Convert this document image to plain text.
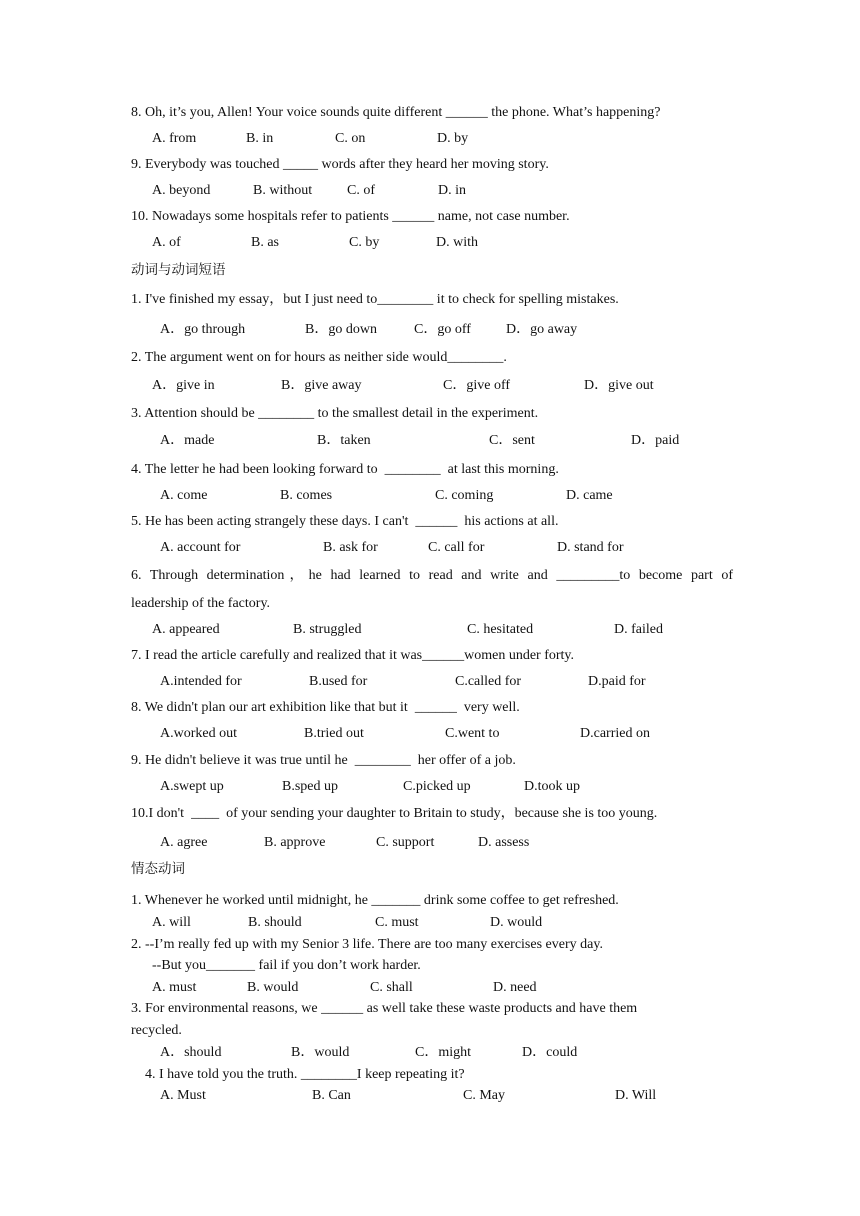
8. Oh, it’s you, Allen! Your voice sounds quite different ______ the phone. What’s happening?
A. from	B. in	C. on	D. by
9. Everybody was touched _____ words after they heard her moving story.
A. beyond	B. without C. of	D. in
10. Nowadays some hospitals refer to patients ______ name, not case number.
A. of	B. as	C. by	D. with
动词与动词短语
1. I've finished my essay，but I just need to________ it to check for spelling mistakes.
A．go through	B．go down	C．go off	D．go away
2. The argument went on for hours as neither side would________.
A．give in	B．give away	C．give off	D．give out
3. Attention should be ________ to the smallest detail in the experiment.
A．made	B．taken	C．sent	D．paid
4. The letter he had been looking forward to  ________  at last this morning.
A. come	B. comes	C. coming	D. came
5. He has been acting strangely these days. I can't  ______  his actions at all.
A. account for	B. ask for	C. call for	D. stand for
6. Through determination，he had learned to read and write and _________to become part of
leadership of the factory.
A. appeared	B. struggled	C. hesitated	D. failed
7. I read the article carefully and realized that it was______women under forty.
A.intended for	B.used for	C.called for	D.paid for
8. We didn't plan our art exhibition like that but it  ______  very well.
A.worked out	B.tried out	C.went to	D.carried on
9. He didn't believe it was true until he  ________  her offer of a job.
A.swept up	B.sped up	C.picked up	D.took up
10.I don't  ____  of your sending your daughter to Britain to study，because she is too young.
A. agree	B. approve	C. support	D. assess
情态动词
1. Whenever he worked until midnight, he _______ drink some coffee to get refreshed.
A. will	B. should	C. must	D. would
2. --I’m really fed up with my Senior 3 life. There are too many exercises every day.
--But you_______ fail if you don’t work harder.
A. must	B. would	C. shall	D. need
3. For environmental reasons, we ______ as well take these waste products and have them
recycled.
A．should	B．would	C．might	D．could
4. I have told you the truth. ________I keep repeating it?
A. Must	B. Can	C. May	D. Will
